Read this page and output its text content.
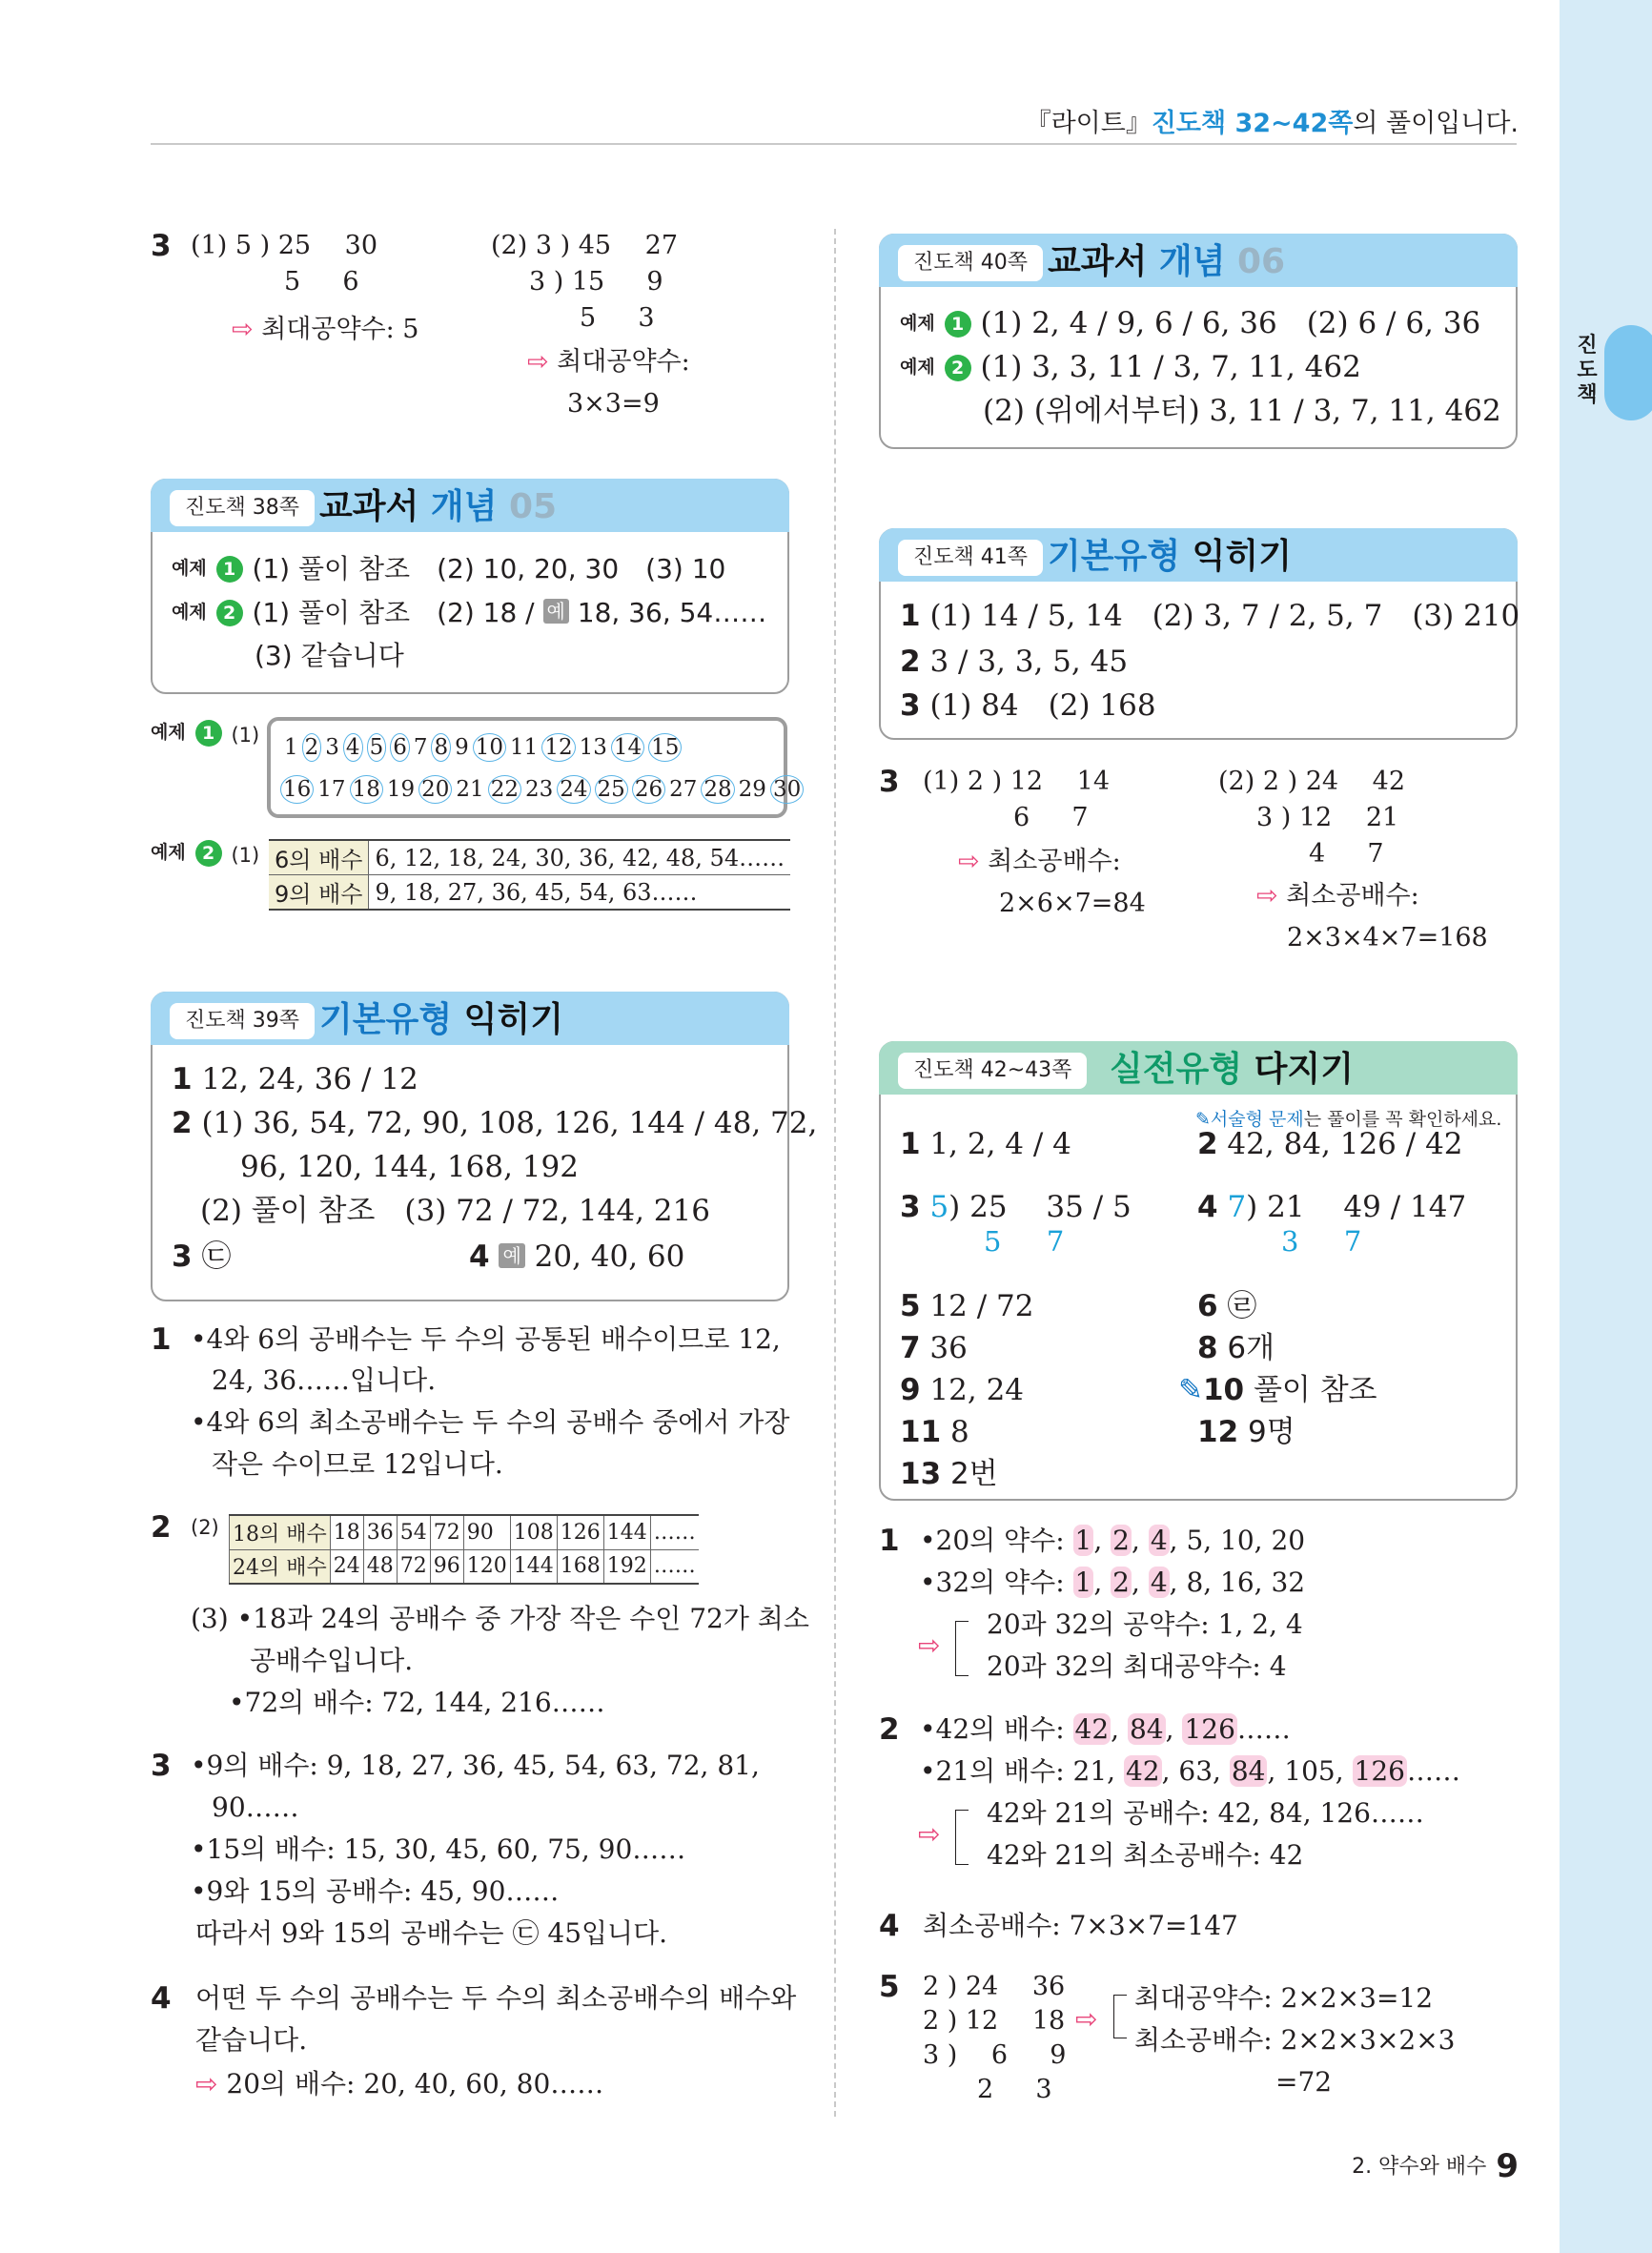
진도책
『라이트』진도책 32~42쪽의 풀이입니다.
3 (1) 5 ) 25 　30
5 　 6
⇨ 최대공약수: 5
(2) 3 ) 45 　27
3 ) 15 　 9
5 　 3
⇨ 최대공약수:
3×3=9
진도책 38쪽 교과서 개념 05
예제 1 (1) 풀이 참조　(2) 10, 20, 30　(3) 10
예제 2 (1) 풀이 참조　(2) 18 / 예 18, 36, 54……
(3) 같습니다
예제 1 (1) 1 2 3 4 5 6 7 8 9 10 11 12 13 14 15
16 17 18 19 20 21 22 23 24 25 26 27 28 29 30
예제 2 (1) 6의 배수	6, 12, 18, 24, 30, 36, 42, 48, 54……
9의 배수	9, 18, 27, 36, 45, 54, 63……
진도책 39쪽 기본유형 익히기
1 12, 24, 36 / 12
2 (1) 36, 54, 72, 90, 108, 126, 144 / 48, 72,
96, 120, 144, 168, 192
(2) 풀이 참조　(3) 72 / 72, 144, 216
3 ㉢	4 예 20, 40, 60
1 •4와 6의 공배수는 두 수의 공통된 배수이므로 12,
24, 36……입니다.
•4와 6의 최소공배수는 두 수의 공배수 중에서 가장
작은 수이므로 12입니다.
2 (2) 18의 배수	18	36	54	72	90	108	126	144	……
24의 배수	24	48	72	96	120	144	168	192	……
(3) •18과 24의 공배수 중 가장 작은 수인 72가 최소
공배수입니다.
•72의 배수: 72, 144, 216……
3 •9의 배수: 9, 18, 27, 36, 45, 54, 63, 72, 81,
90……
•15의 배수: 15, 30, 45, 60, 75, 90……
•9와 15의 공배수: 45, 90……
따라서 9와 15의 공배수는 ㉢ 45입니다.
4 어떤 두 수의 공배수는 두 수의 최소공배수의 배수와
같습니다.
⇨ 20의 배수: 20, 40, 60, 80……
진도책 40쪽 교과서 개념 06
예제 1 (1) 2, 4 / 9, 6 / 6, 36　(2) 6 / 6, 36
예제 2 (1) 3, 3, 11 / 3, 7, 11, 462
(2) (위에서부터) 3, 11 / 3, 7, 11, 462
진도책 41쪽 기본유형 익히기
1 (1) 14 / 5, 14　(2) 3, 7 / 2, 5, 7　(3) 210
2 3 / 3, 3, 5, 45
3 (1) 84　(2) 168
3 (1) 2 ) 12 　14
6 　 7
⇨ 최소공배수:
2×6×7=84
(2) 2 ) 24 　42
3 ) 12 　21
4 　 7
⇨ 최소공배수:
2×3×4×7=168
진도책 42~43쪽	실전유형 다지기
✎서술형 문제는 풀이를 꼭 확인하세요.
1 1, 2, 4 / 4	2 42, 84, 126 / 42
5 12 / 72	6 ㉣
7 36	8 6개
9 12, 24	✎10 풀이 참조
11 8	12 9명
13 2번
3 5) 25 　35 / 5
5 　 7
4 7) 21 　49 / 147
3 　 7
1 •20의 약수: 1, 2, 4, 5, 10, 20
•32의 약수: 1, 2, 4, 8, 16, 32
⇨
20과 32의 공약수: 1, 2, 4
20과 32의 최대공약수: 4
2 •42의 배수: 42, 84, 126……
•21의 배수: 21, 42, 63, 84, 105, 126……
⇨
42와 21의 공배수: 42, 84, 126……
42와 21의 최소공배수: 42
4 최소공배수: 7×3×7=147
5 2 ) 24 　36
2 ) 12 　18
3 ) 　6 　 9
2 　 3
⇨
최대공약수: 2×2×3=12
최소공배수: 2×2×3×2×3
=72
2. 약수와 배수 9
